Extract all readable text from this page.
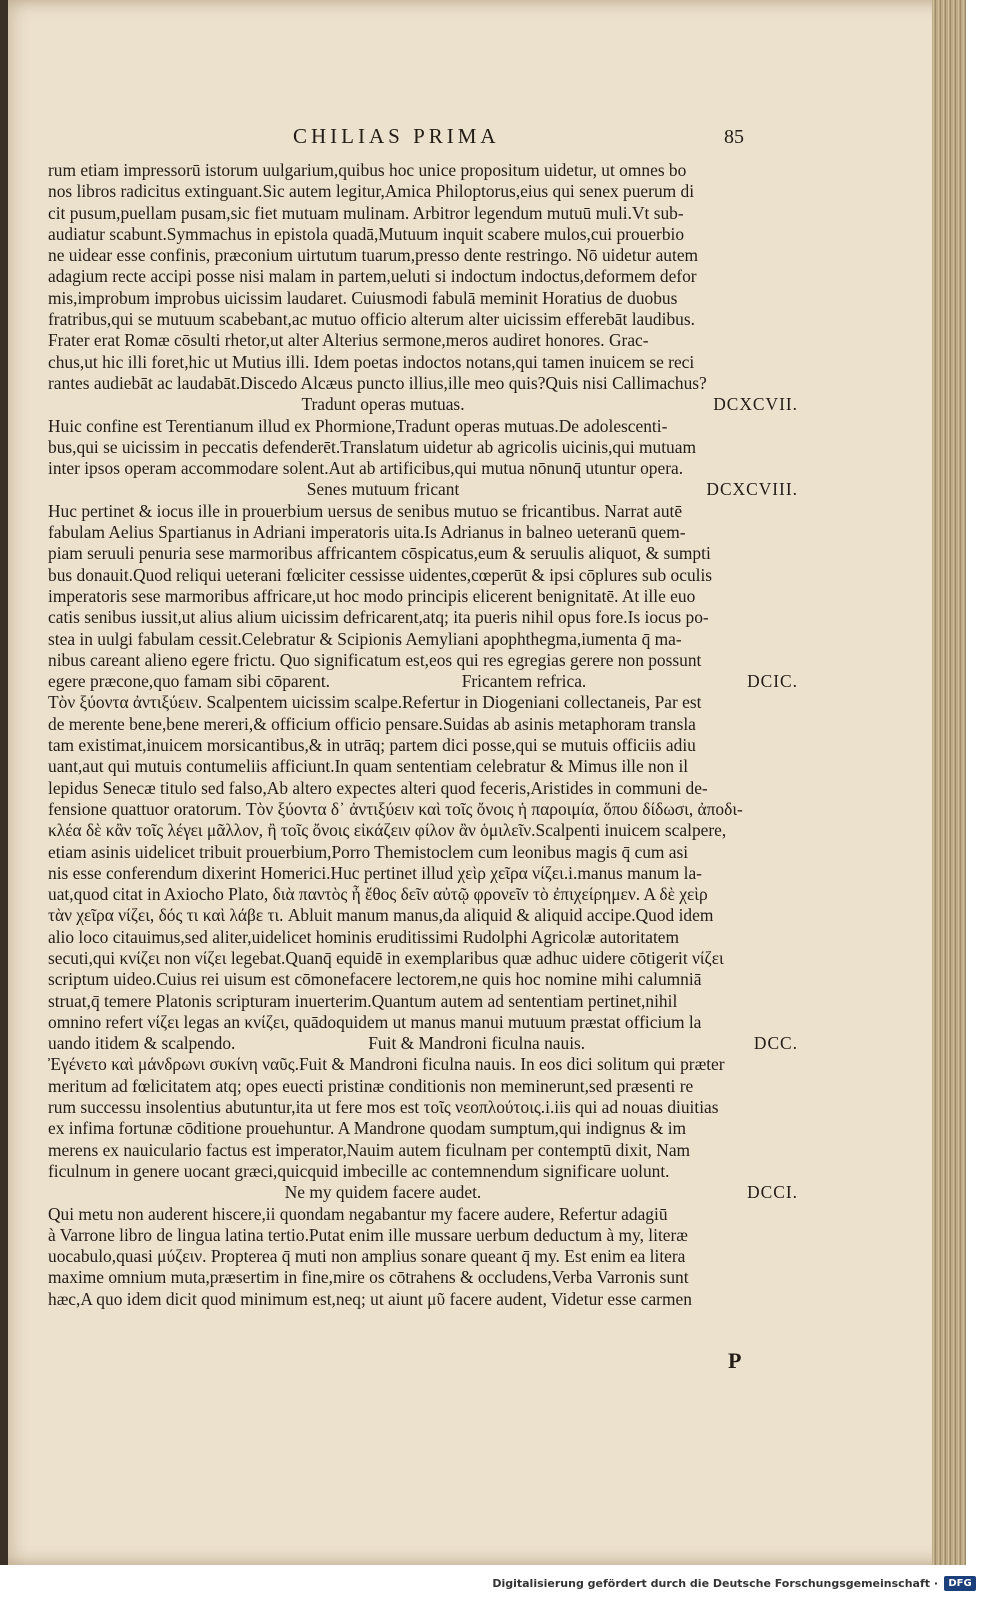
CHILIAS PRIMA	85
rum etiam impressorū istorum uulgarium,quibus hoc unice propositum uidetur, ut omnes bo
nos libros radicitus extinguant.Sic autem legitur,Amica Philoptorus,eius qui senex puerum di
cit pusum,puellam pusam,sic fiet mutuam mulinam. Arbitror legendum mutuū muli.Vt sub-
audiatur scabunt.Symmachus in epistola quadā,Mutuum inquit scabere mulos,cui prouerbio
ne uidear esse confinis, præconium uirtutum tuarum,presso dente restringo. Nō uidetur autem
adagium recte accipi posse nisi malam in partem,ueluti si indoctum indoctus,deformem defor
mis,improbum improbus uicissim laudaret. Cuiusmodi fabulā meminit Horatius de duobus
fratribus,qui se mutuum scabebant,ac mutuo officio alterum alter uicissim efferebāt laudibus.
Frater erat Romæ cōsulti rhetor,ut alter Alterius sermone,meros audiret honores. Grac-
chus,ut hic illi foret,hic ut Mutius illi. Idem poetas indoctos notans,qui tamen inuicem se reci
rantes audiebāt ac laudabāt.Discedo Alcæus puncto illius,ille meo quis?Quis nisi Callimachus?
Tradunt operas mutuas.	DCXCVII.
Huic confine est Terentianum illud ex Phormione,Tradunt operas mutuas.De adolescenti-
bus,qui se uicissim in peccatis defenderēt.Translatum uidetur ab agricolis uicinis,qui mutuam
inter ipsos operam accommodare solent.Aut ab artificibus,qui mutua nōnunq̄ utuntur opera.
Senes mutuum fricant	DCXCVIII.
Huc pertinet & iocus ille in prouerbium uersus de senibus mutuo se fricantibus. Narrat autē
fabulam Aelius Spartianus in Adriani imperatoris uita.Is Adrianus in balneo ueteranū quem-
piam seruuli penuria sese marmoribus affricantem cōspicatus,eum & seruulis aliquot, & sumpti
bus donauit.Quod reliqui ueterani fœliciter cessisse uidentes,cœperūt & ipsi cōplures sub oculis
imperatoris sese marmoribus affricare,ut hoc modo principis elicerent benignitatē. At ille euo
catis senibus iussit,ut alius alium uicissim defricarent,atq; ita pueris nihil opus fore.Is iocus po-
stea in uulgi fabulam cessit.Celebratur & Scipionis Aemyliani apophthegma,iumenta q̄ ma-
nibus careant alieno egere frictu. Quo significatum est,eos qui res egregias gerere non possunt
egere præcone,quo famam sibi cōparent.	Fricantem refrica.	DCIC.
Τὸν ξύοντα ἀντιξύειν. Scalpentem uicissim scalpe.Refertur in Diogeniani collectaneis, Par est
de merente bene,bene mereri,& officium officio pensare.Suidas ab asinis metaphoram transla
tam existimat,inuicem morsicantibus,& in utrāq; partem dici posse,qui se mutuis officiis adiu
uant,aut qui mutuis contumeliis afficiunt.In quam sententiam celebratur & Mimus ille non il
lepidus Senecæ titulo sed falso,Ab altero expectes alteri quod feceris,Aristides in communi de-
fensione quattuor oratorum. Τὸν ξύοντα δ᾽ ἀντιξύειν καὶ τοῖς ὄνοις ἡ παροιμία, ὅπου δίδωσι, ἀποδι-
κλέα δὲ κἂν τοῖς λέγει μᾶλλον, ἢ τοῖς ὄνοις εἰκάζειν φίλον ἂν ὁμιλεῖν.Scalpenti inuicem scalpere,
etiam asinis uidelicet tribuit prouerbium,Porro Themistoclem cum leonibus magis q̄ cum asi
nis esse conferendum dixerint Homerici.Huc pertinet illud χεὶρ χεῖρα νίζει.i.manus manum la-
uat,quod citat in Axiocho Plato, διὰ παντὸς ἦ ἔθος δεῖν αὐτῷ φρονεῖν τὸ ἐπιχείρημεν. Α δὲ χεὶρ
τὰν χεῖρα νίζει, δός τι καὶ λάβε τι. Abluit manum manus,da aliquid & aliquid accipe.Quod idem
alio loco citauimus,sed aliter,uidelicet hominis eruditissimi Rudolphi Agricolæ autoritatem
secuti,qui κνίζει non νίζει legebat.Quanq̄ equidē in exemplaribus quæ adhuc uidere cōtigerit νίζει
scriptum uideo.Cuius rei uisum est cōmonefacere lectorem,ne quis hoc nomine mihi calumniā
struat,q̄ temere Platonis scripturam inuerterim.Quantum autem ad sententiam pertinet,nihil
omnino refert νίζει legas an κνίζει, quādoquidem ut manus manui mutuum præstat officium la
uando itidem & scalpendo.	Fuit & Mandroni ficulna nauis.	DCC.
Ἐγένετο καὶ μάνδρωνι συκίνη ναῦς.Fuit & Mandroni ficulna nauis. In eos dici solitum qui præter
meritum ad fœlicitatem atq; opes euecti pristinæ conditionis non meminerunt,sed præsenti re
rum successu insolentius abutuntur,ita ut fere mos est τοῖς νεοπλούτοις.i.iis qui ad nouas diuitias
ex infima fortunæ cōditione prouehuntur. A Mandrone quodam sumptum,qui indignus & im
merens ex nauiculario factus est imperator,Nauim autem ficulnam per contemptū dixit, Nam
ficulnum in genere uocant græci,quicquid imbecille ac contemnendum significare uolunt.
Ne my quidem facere audet.	DCCI.
Qui metu non auderent hiscere,ii quondam negabantur my facere audere, Refertur adagiū
à Varrone libro de lingua latina tertio.Putat enim ille mussare uerbum deductum à my, literæ
uocabulo,quasi μύζειν. Propterea q̄ muti non amplius sonare queant q̄ my. Est enim ea litera
maxime omnium muta,præsertim in fine,mire os cōtrahens & occludens,Verba Varronis sunt
hæc,A quo idem dicit quod minimum est,neq; ut aiunt μῦ facere audent, Videtur esse carmen
P
Digitalisierung gefördert durch die Deutsche Forschungsgemeinschaft ·	DFG
